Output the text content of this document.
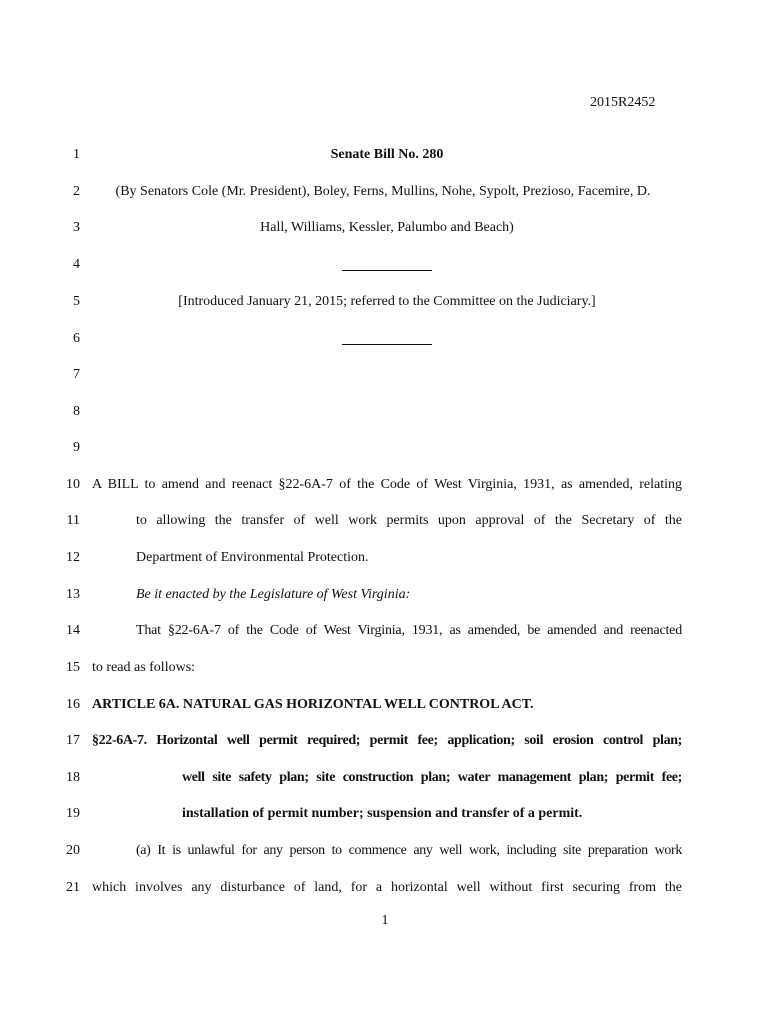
2015R2452
1	Senate Bill No. 280
2	(By Senators Cole (Mr. President), Boley, Ferns, Mullins, Nohe, Sypolt, Prezioso, Facemire, D.
3	Hall, Williams, Kessler, Palumbo and Beach)
4
5	[Introduced January 21, 2015; referred to the Committee on the Judiciary.]
6
7
8
9
10 A BILL to amend and reenact §22-6A-7 of the Code of West Virginia, 1931, as amended, relating
11	to allowing the transfer of well work permits upon approval of the Secretary of the
12	Department of Environmental Protection.
13	Be it enacted by the Legislature of West Virginia:
14	That §22-6A-7 of the Code of West Virginia, 1931, as amended, be amended and reenacted
15 to read as follows:
16 ARTICLE 6A. NATURAL GAS HORIZONTAL WELL CONTROL ACT.
17 §22-6A-7. Horizontal well permit required; permit fee; application; soil erosion control plan;
18	well site safety plan; site construction plan; water management plan; permit fee;
19	installation of permit number; suspension and transfer of a permit.
20	(a) It is unlawful for any person to commence any well work, including site preparation work
21 which involves any disturbance of land, for a horizontal well without first securing from the
1
